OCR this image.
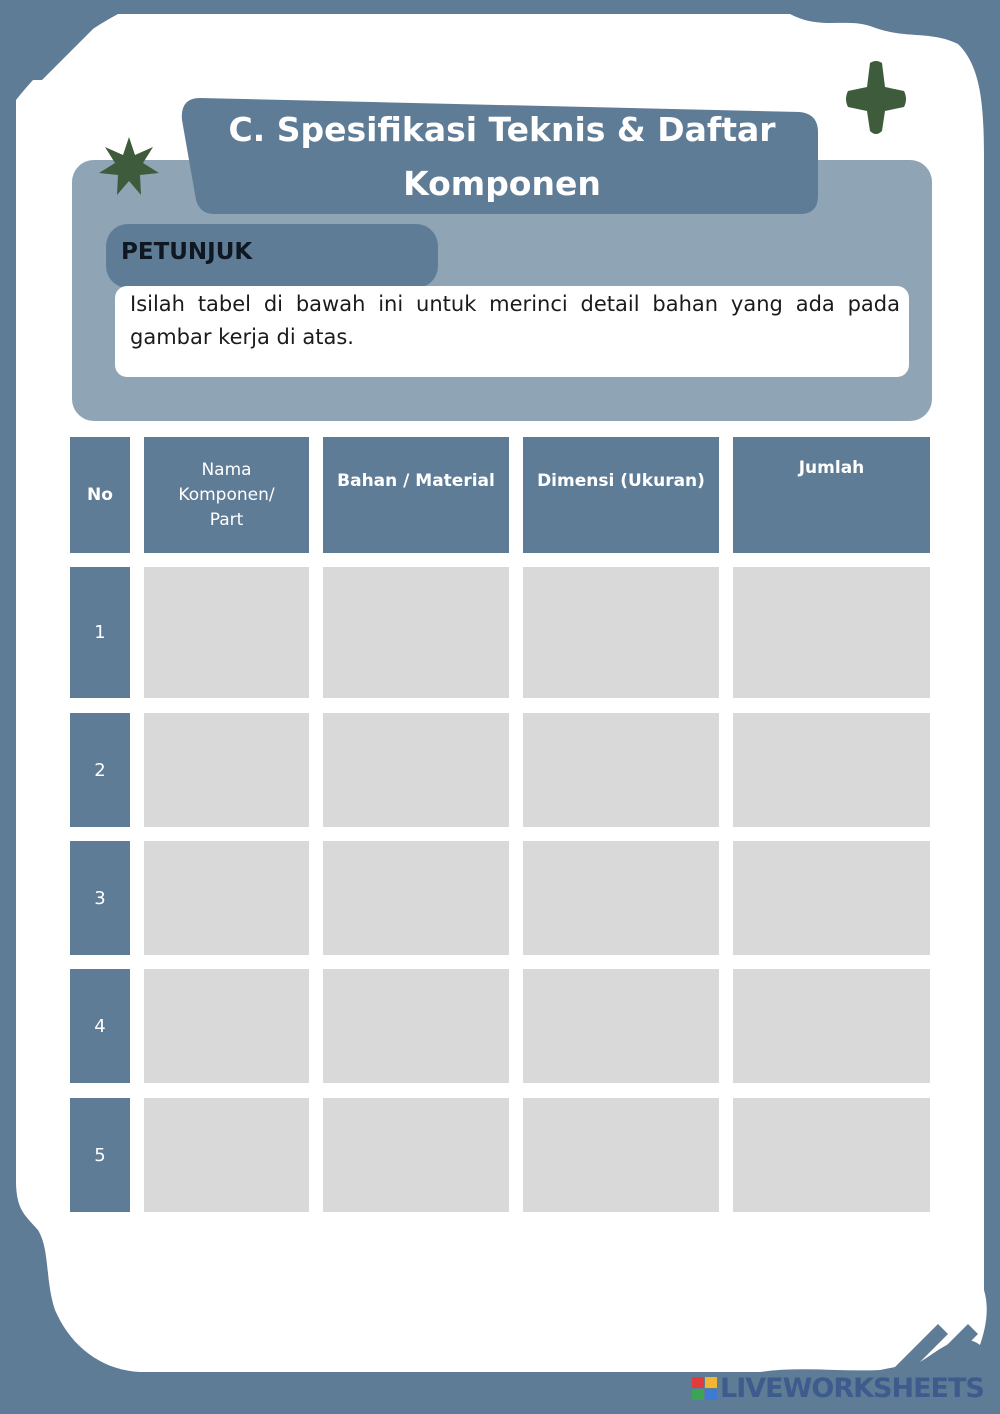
C. Spesifikasi Teknis & Daftar
Komponen
PETUNJUK
Isilah tabel di bawah ini untuk merinci detail bahan yang ada pada gambar kerja di atas.
No
Nama Komponen/ Part
Bahan / Material	Dimensi (Ukuran)
Jumlah
1
2
3
4
5
LIVEWORKSHEETS
